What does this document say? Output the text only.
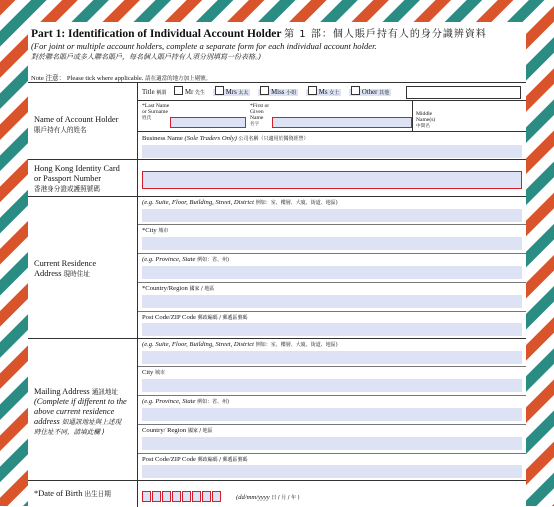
Part 1: Identification of Individual Account Holder 第 1 部：個人賬戶持有人的身分識辨資料
(For joint or multiple account holders, complete a separate form for each individual account holder.
對於聯名賬戶或多人聯名賬戶，每名個人賬戶持有人須分別填寫一份表格。)
Note 注意： Please tick where applicable. 請在適當的地方加上剔號。
Name of Account Holder
賬戶持有人的姓名
Title 稱謂	Mr 先生	Mrs 太太	Miss 小姐	Ms 女士	Other 其他
*Last Name or Surname
姓氏
*First or Given Name
名字
Middle Name(s)
中間名
Business Name (Sole Traders Only) 公司名稱（只適用於獨資經營）
Hong Kong Identity Card
or Passport Number
香港身分證或護照號碼
Current Residence
Address 現時住址
(e.g. Suite, Floor, Building, Street, District 例如：室、樓層、大廈、街道、地區)
*City 城市
(e.g. Province, State 例如：省、州)
*Country/Region 國家 / 地區
Post Code/ZIP Code 郵政編碼 / 郵遞區號碼
Mailing Address 通訊地址
(Complete if different to the
above current residence
address 如通訊地址與上述現
時住址不同，請填此欄 )
(e.g. Suite, Floor, Building, Street, District 例如：室、樓層、大廈、街道、地區)
City 城市
(e.g. Province, State 例如：省、州)
Country/ Region 國家 / 地區
Post Code/ZIP Code 郵政編碼 / 郵遞區號碼
*Date of Birth 出生日期	(dd/mm/yyyy 日 / 月 / 年 )
